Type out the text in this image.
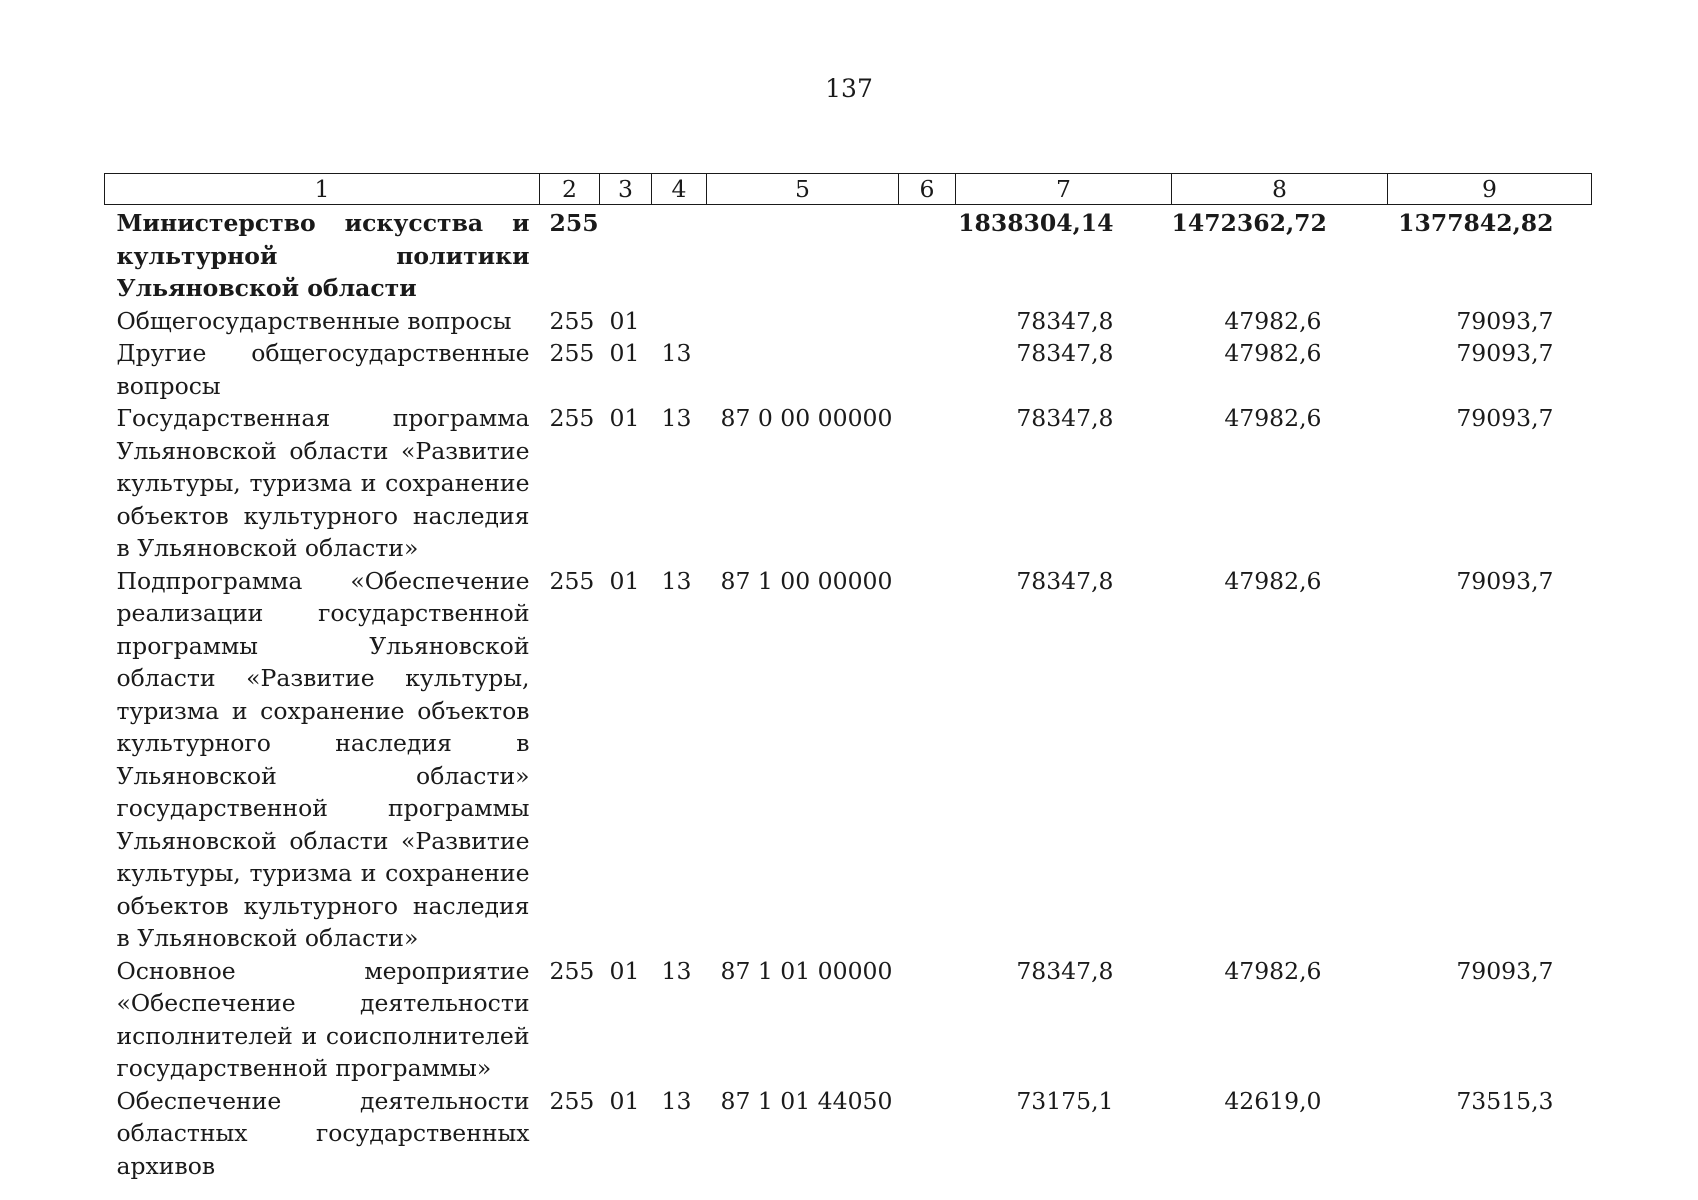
137
1	2	3	4	5	6	7	8	9
Министерство искусства и культурной политики Ульяновской области	255					1838304,14	1472362,72	1377842,82
Общегосударственные вопросы	255	01				78347,8	47982,6	79093,7
Другие общегосударственные вопросы	255	01	13			78347,8	47982,6	79093,7
Государственная программа Ульяновской области «Развитие культуры, туризма и сохранение объектов культурного наследия в Ульяновской области»	255	01	13	87 0 00 00000		78347,8	47982,6	79093,7
Подпрограмма «Обеспечение реализации государственной программы Ульяновской области «Развитие культуры, туризма и сохранение объектов культурного наследия в Ульяновской области» государственной программы Ульяновской области «Развитие культуры, туризма и сохранение объектов культурного наследия в Ульяновской области»	255	01	13	87 1 00 00000		78347,8	47982,6	79093,7
Основное мероприятие «Обеспечение деятельности исполнителей и соисполнителей государственной программы»	255	01	13	87 1 01 00000		78347,8	47982,6	79093,7
Обеспечение деятельности областных государственных архивов	255	01	13	87 1 01 44050		73175,1	42619,0	73515,3
